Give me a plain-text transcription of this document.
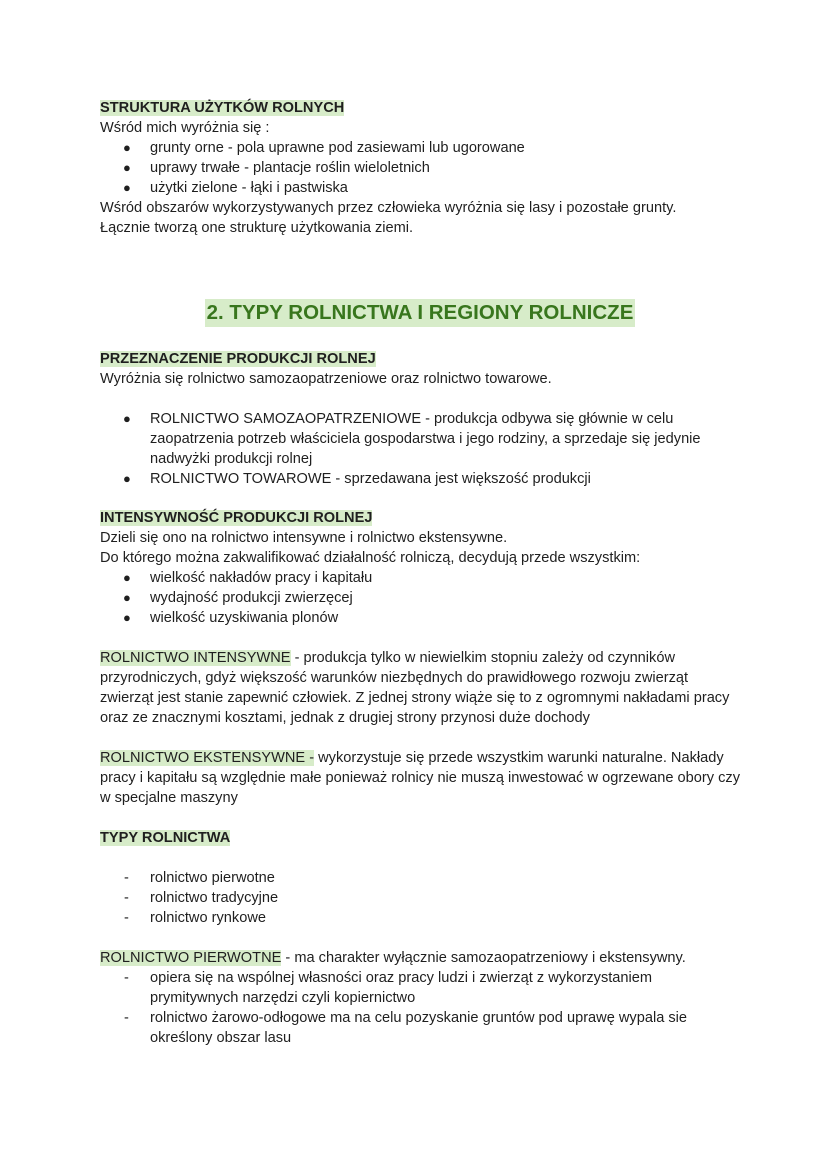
STRUKTURA UŻYTKÓW ROLNYCH

Wśród mich wyróżnia się :

● grunty orne - pola uprawne pod zasiewami lub ugorowane
● uprawy trwałe - plantacje roślin wieloletnich
● użytki zielone - łąki i pastwiska

Wśród obszarów wykorzystywanych przez człowieka wyróżnia się lasy i pozostałe grunty.

Łącznie tworzą one strukturę użytkowania ziemi.

2. TYPY ROLNICTWA I REGIONY ROLNICZE

PRZEZNACZENIE PRODUKCJI ROLNEJ

Wyróżnia się rolnictwo samozaopatrzeniowe oraz rolnictwo towarowe.

● ROLNICTWO SAMOZAOPATRZENIOWE - produkcja odbywa się głównie w celu zaopatrzenia potrzeb właściciela gospodarstwa i jego rodziny, a sprzedaje się jedynie nadwyżki produkcji rolnej
● ROLNICTWO TOWAROWE - sprzedawana jest większość produkcji

INTENSYWNOŚĆ PRODUKCJI ROLNEJ

Dzieli się ono na rolnictwo intensywne i rolnictwo ekstensywne.

Do którego można zakwalifikować działalność rolniczą, decydują przede wszystkim:

● wielkość nakładów pracy i kapitału
● wydajność produkcji zwierzęcej
● wielkość uzyskiwania plonów

ROLNICTWO INTENSYWNE - produkcja tylko w niewielkim stopniu zależy od czynników przyrodniczych, gdyż większość warunków niezbędnych do prawidłowego rozwoju zwierząt zwierząt jest stanie zapewnić człowiek. Z jednej strony wiąże się to z ogromnymi nakładami pracy oraz ze znacznymi kosztami, jednak z drugiej strony przynosi duże dochody

ROLNICTWO EKSTENSYWNE - wykorzystuje się przede wszystkim warunki naturalne. Nakłady pracy i kapitału są względnie małe ponieważ rolnicy nie muszą inwestować w ogrzewane obory czy w specjalne maszyny

TYPY ROLNICTWA

- rolnictwo pierwotne
- rolnictwo tradycyjne
- rolnictwo rynkowe

ROLNICTWO PIERWOTNE - ma charakter wyłącznie samozaopatrzeniowy i ekstensywny.

- opiera się na wspólnej własności oraz pracy ludzi i zwierząt z wykorzystaniem prymitywnych narzędzi czyli kopiernictwo
- rolnictwo żarowo-odłogowe ma na celu pozyskanie gruntów pod uprawę wypala sie określony obszar lasu
